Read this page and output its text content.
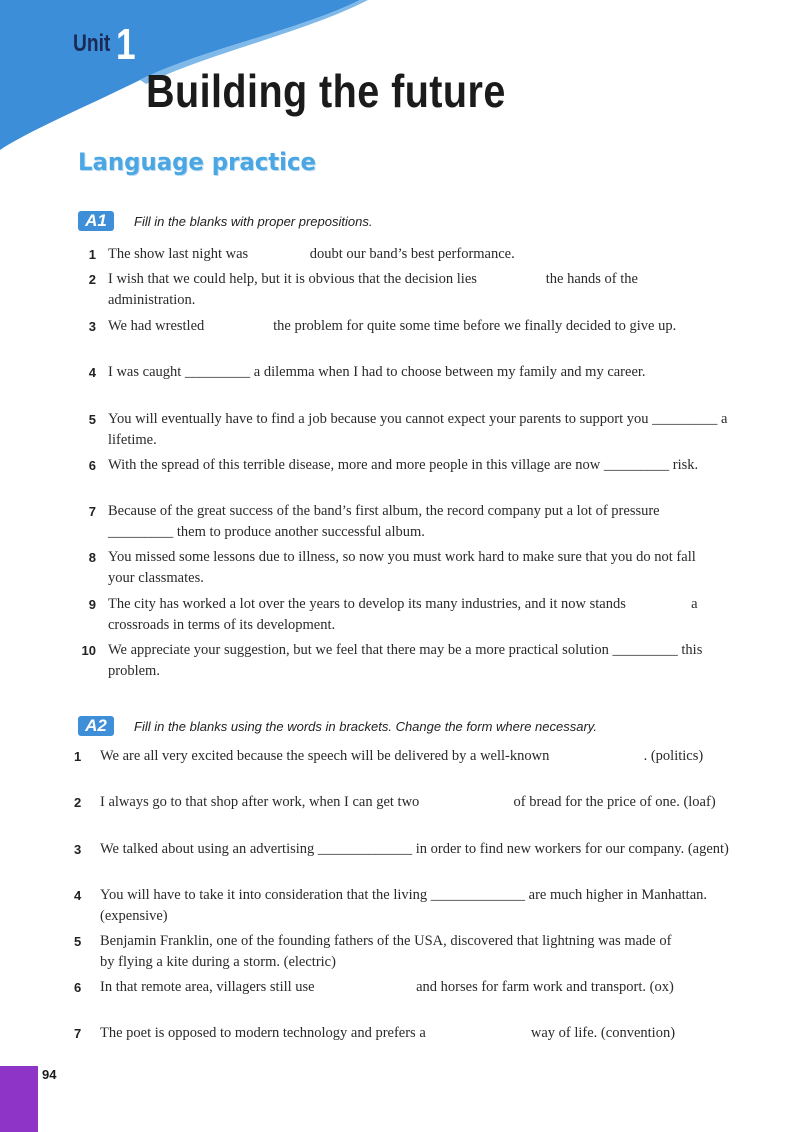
Unit 1
Building the future
Language practice
A1	Fill in the blanks with proper prepositions.
1 The show last night was                 doubt our band’s best performance.
2 I wish that we could help, but it is obvious that the decision lies                   the hands of the administration.
3 We had wrestled                   the problem for quite some time before we finally decided to give up.
4 I was caught _________ a dilemma when I had to choose between my family and my career.
5 You will eventually have to find a job because you cannot expect your parents to support you _________ a lifetime.
6 With the spread of this terrible disease, more and more people in this village are now _________ risk.
7 Because of the great success of the band’s first album, the record company put a lot of pressure _________ them to produce another successful album.
8 You missed some lessons due to illness, so now you must work hard to make sure that you do not fall                   your classmates.
9 The city has worked a lot over the years to develop its many industries, and it now stands                  a crossroads in terms of its development.
10 We appreciate your suggestion, but we feel that there may be a more practical solution _________ this problem.
A2	Fill in the blanks using the words in brackets. Change the form where necessary.
1	We are all very excited because the speech will be delivered by a well-known                          . (politics)
2	I always go to that shop after work, when I can get two                          of bread for the price of one. (loaf)
3	We talked about using an advertising _____________ in order to find new workers for our company. (agent)
4	You will have to take it into consideration that the living _____________ are much higher in Manhattan. (expensive)
5	Benjamin Franklin, one of the founding fathers of the USA, discovered that lightning was made of                            by flying a kite during a storm. (electric)
6	In that remote area, villagers still use                            and horses for farm work and transport. (ox)
7	The poet is opposed to modern technology and prefers a                             way of life. (convention)
94
